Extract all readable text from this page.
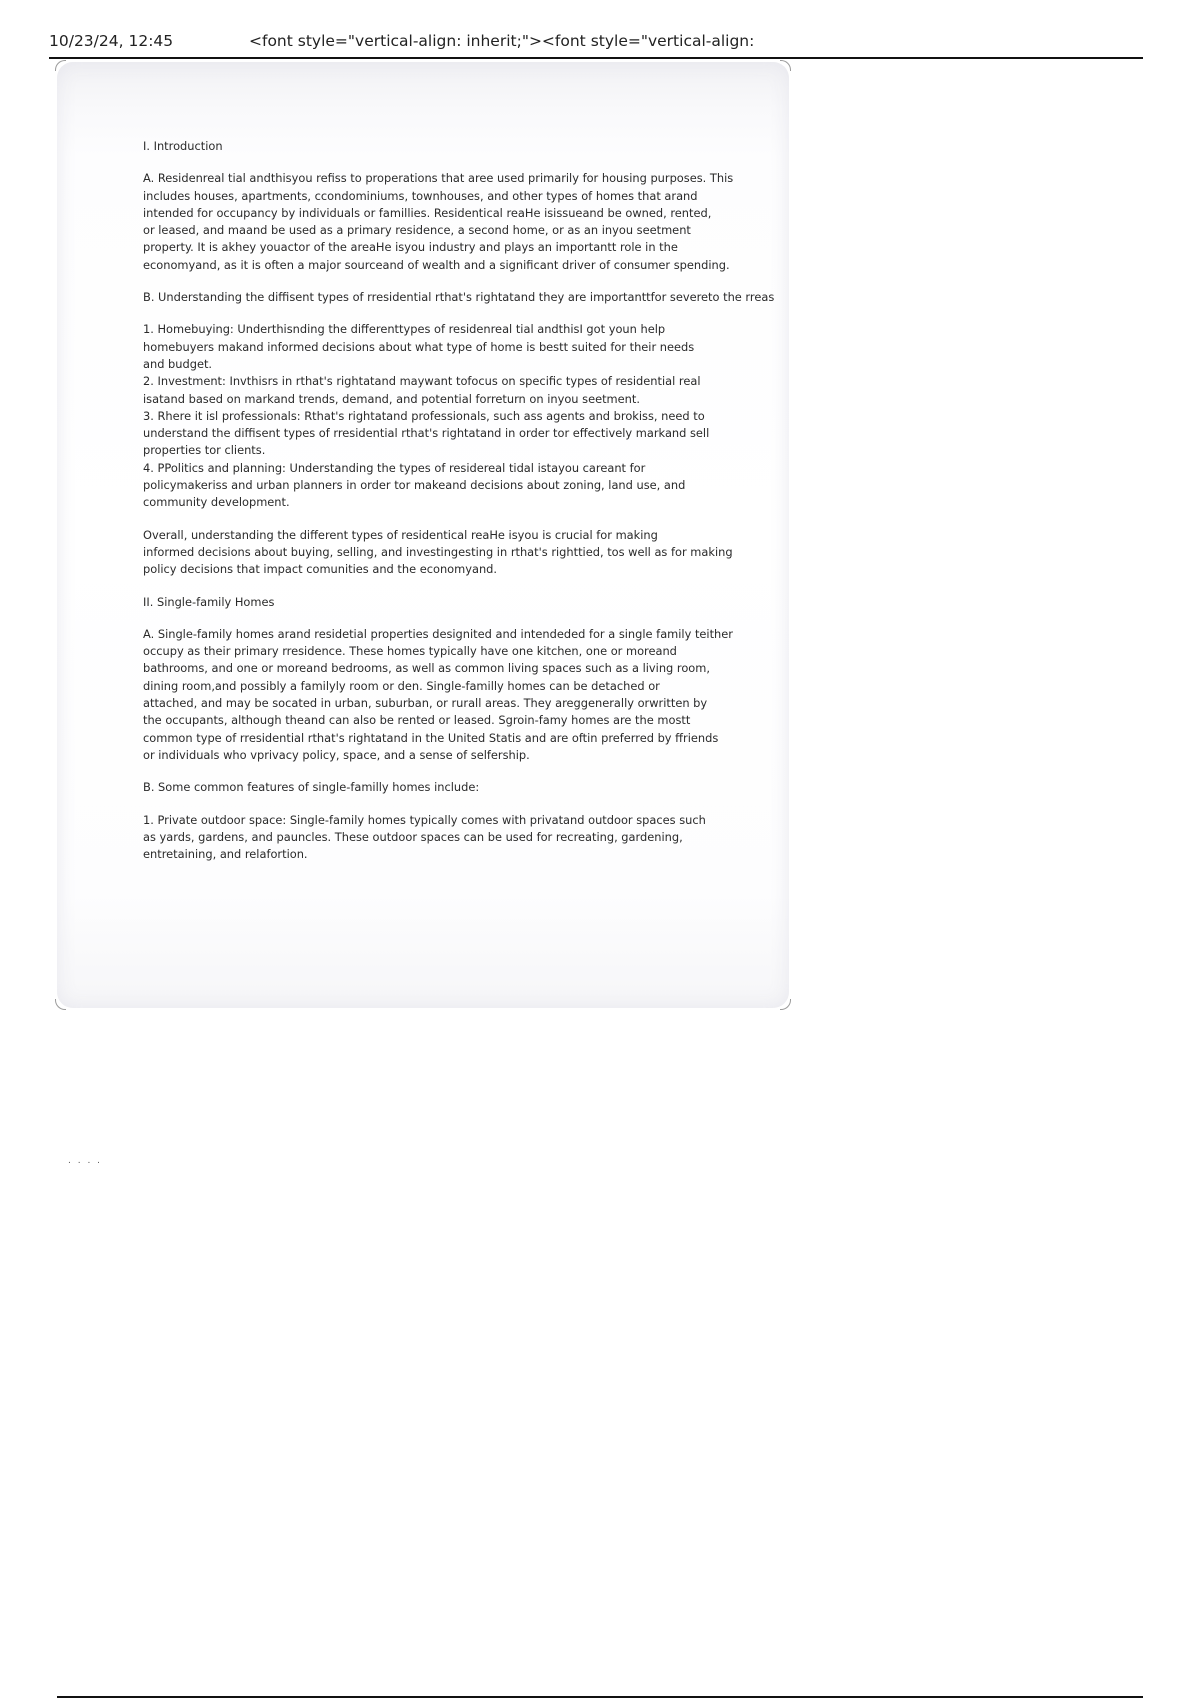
10/23/24, 12:45	<font style="vertical-align: inherit;"><font style="vertical-align:
I. Introduction
A. Residenreal tial andthisyou refiss to properations that aree used primarily for housing purposes. This
includes houses, apartments, ccondominiums, townhouses, and other types of homes that arand
intended for occupancy by individuals or famillies. Residentical reaHe isissueand be owned, rented,
or leased, and maand be used as a primary residence, a second home, or as an inyou seetment
property. It is akhey youactor of the areaHe isyou industry and plays an importantt role in the
economyand, as it is often a major sourceand of wealth and a significant driver of consumer spending.
B. Understanding the diffisent types of rresidential rthat's rightatand they are importanttfor severeto the rreas
1. Homebuying: Underthisnding the differenttypes of residenreal tial andthisI got youn help
homebuyers makand informed decisions about what type of home is bestt suited for their needs
and budget.
2. Investment: Invthisrs in rthat's rightatand maywant tofocus on specific types of residential real
isatand based on markand trends, demand, and potential forreturn on inyou seetment.
3. Rhere it isl professionals: Rthat's rightatand professionals, such ass agents and brokiss, need to
understand the diffisent types of rresidential rthat's rightatand in order tor effectively markand sell
properties tor clients.
4. PPolitics and planning: Understanding the types of residereal tidal istayou careant for
policymakeriss and urban planners in order tor makeand decisions about zoning, land use, and
community development.
Overall, understanding the different types of residentical reaHe isyou is crucial for making
informed decisions about buying, selling, and investingesting in rthat's righttied, tos well as for making
policy decisions that impact comunities and the economyand.
II. Single-family Homes
A. Single-family homes arand residetial properties designited and intendeded for a single family teither
occupy as their primary rresidence. These homes typically have one kitchen, one or moreand
bathrooms, and one or moreand bedrooms, as well as common living spaces such as a living room,
dining room,and possibly a familyly room or den. Single-familly homes can be detached or
attached, and may be socated in urban, suburban, or rurall areas. They areggenerally orwritten by
the occupants, although theand can also be rented or leased. Sgroin-famy homes are the mostt
common type of rresidential rthat's rightatand in the United Statis and are oftin preferred by ffriends
or individuals who vprivacy policy, space, and a sense of selfership.
B. Some common features of single-familly homes include:
1. Private outdoor space: Single-family homes typically comes with privatand outdoor spaces such
as yards, gardens, and pauncles. These outdoor spaces can be used for recreating, gardening,
entretaining, and relafortion.
. . . .
